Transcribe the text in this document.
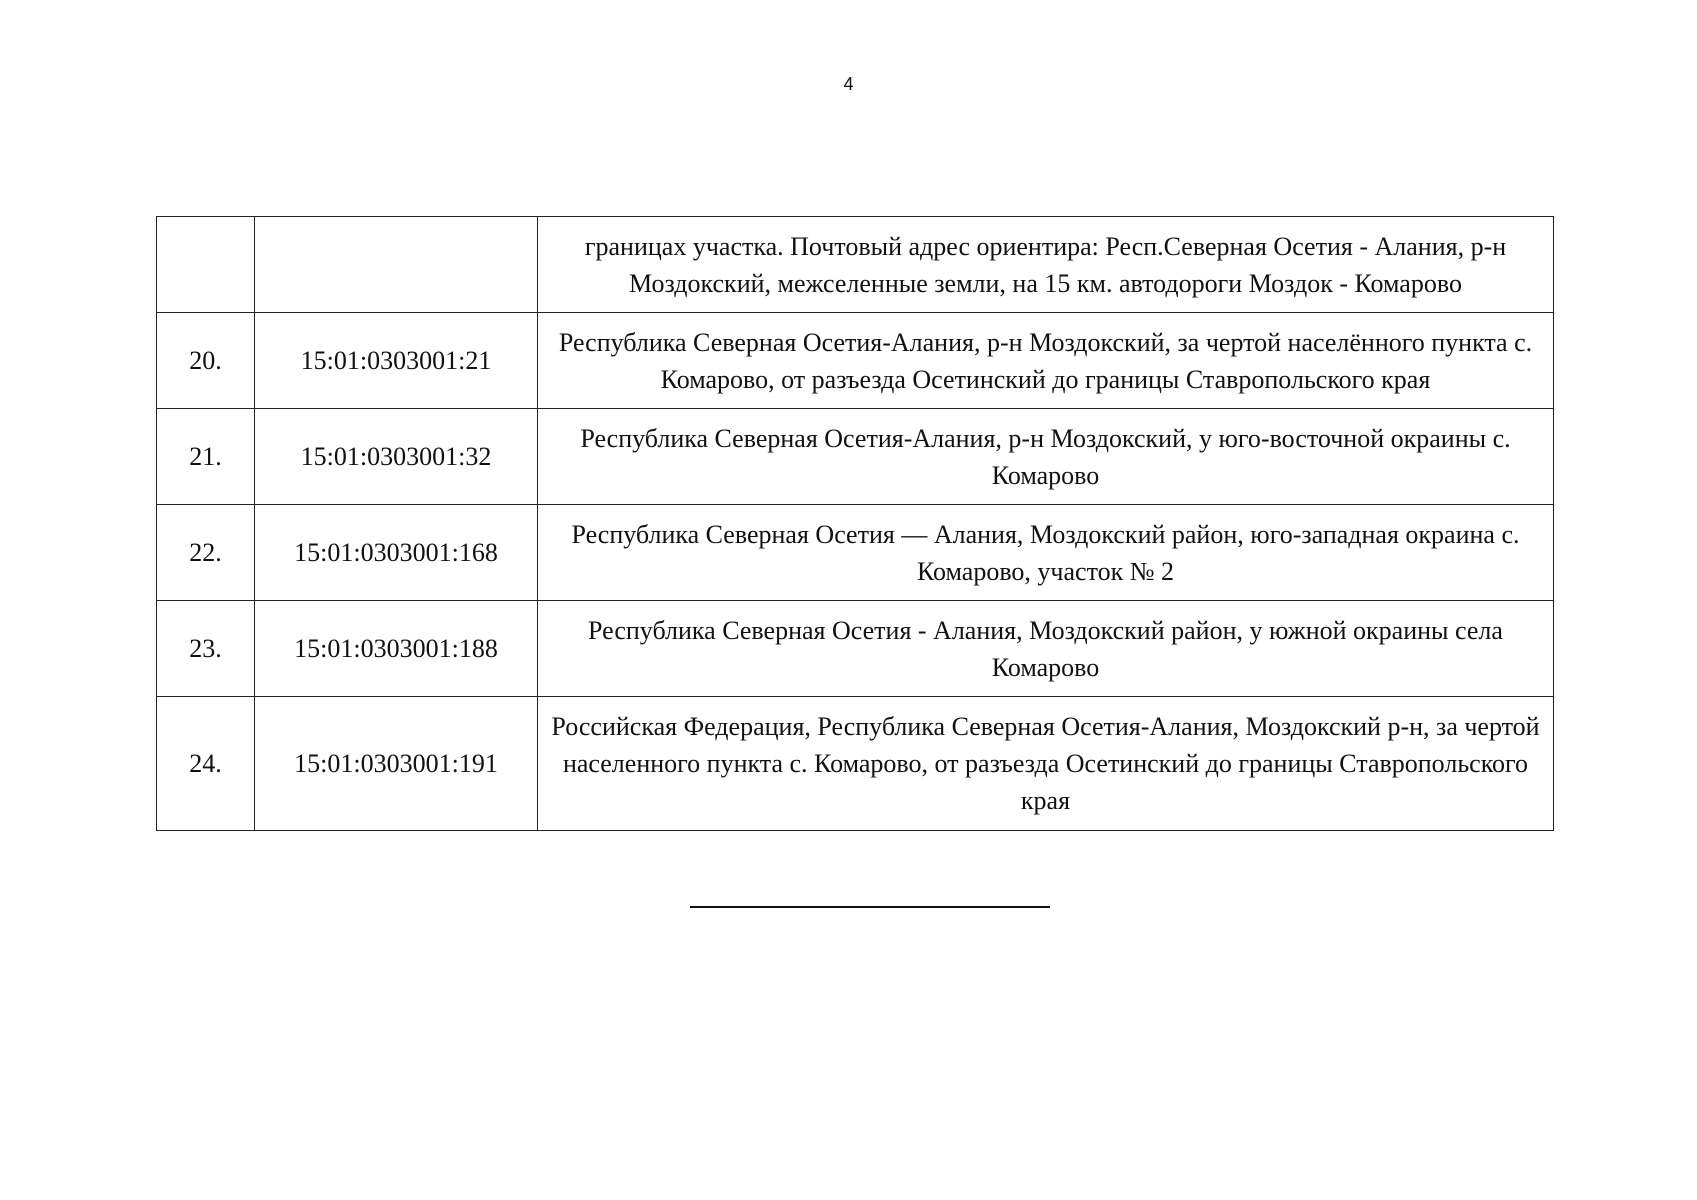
4
		границах участка. Почтовый адрес ориентира: Респ.Северная Осетия - Алания, р-н Моздокский, межселенные земли, на 15 км. автодороги Моздок - Комарово
20.	15:01:0303001:21	Республика Северная Осетия-Алания, р-н Моздокский, за чертой населённого пункта с. Комарово, от разъезда Осетинский до границы Ставропольского края
21.	15:01:0303001:32	Республика Северная Осетия-Алания, р-н Моздокский, у юго-восточной окраины с. Комарово
22.	15:01:0303001:168	Республика Северная Осетия — Алания, Моздокский район, юго-западная окраина с. Комарово, участок № 2
23.	15:01:0303001:188	Республика Северная Осетия - Алания, Моздокский район, у южной окраины села Комарово
24.	15:01:0303001:191	Российская Федерация, Республика Северная Осетия-Алания, Моздокский р-н, за чертой населенного пункта с. Комарово, от разъезда Осетинский до границы Ставропольского края
